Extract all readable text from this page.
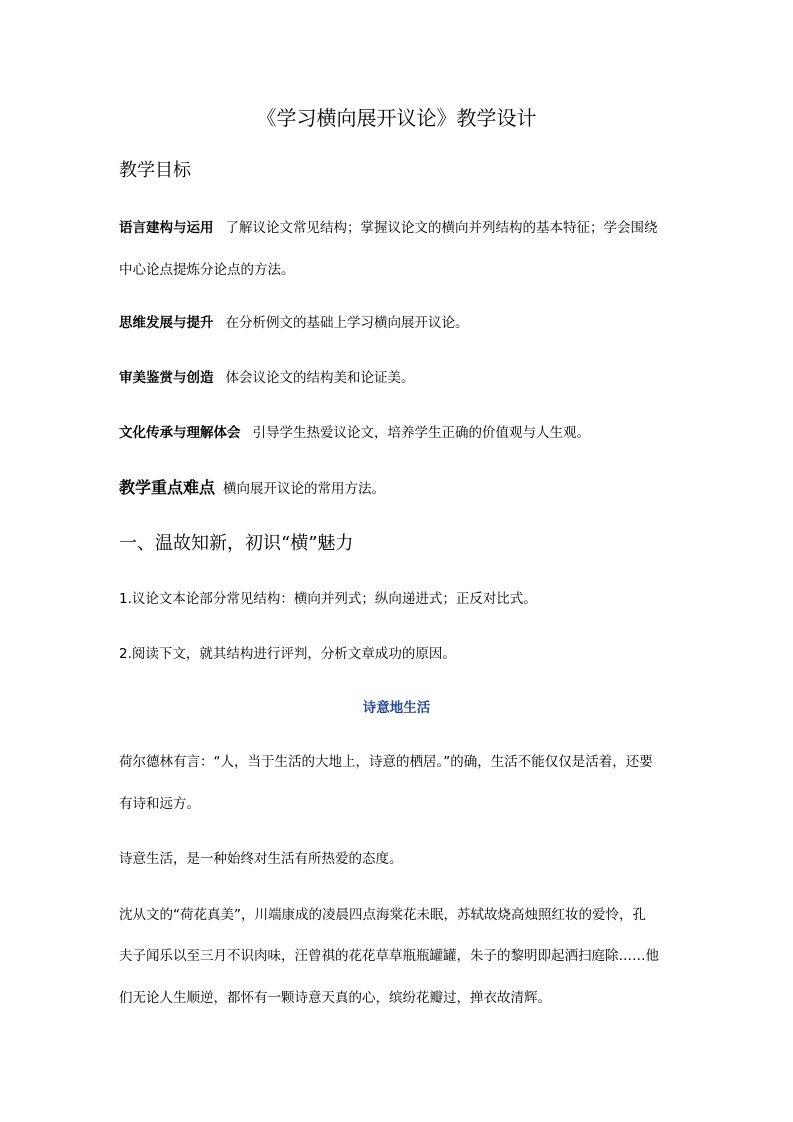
《学习横向展开议论》教学设计
教学目标
语言建构与运用 了解议论文常见结构；掌握议论文的横向并列结构的基本特征；学会围绕
中心论点提炼分论点的方法。
思维发展与提升 在分析例文的基础上学习横向展开议论。
审美鉴赏与创造 体会议论文的结构美和论证美。
文化传承与理解体会 引导学生热爱议论文，培养学生正确的价值观与人生观。
教学重点难点 横向展开议论的常用方法。
一、温故知新，初识“横”魅力
1.议论文本论部分常见结构：横向并列式；纵向递进式；正反对比式。
2.阅读下文，就其结构进行评判，分析文章成功的原因。
诗意地生活
荷尔德林有言：“人，当于生活的大地上，诗意的栖居。”的确，生活不能仅仅是活着，还要
有诗和远方。
诗意生活，是一种始终对生活有所热爱的态度。
沈从文的“荷花真美”，川端康成的凌晨四点海棠花未眠，苏轼故烧高烛照红妆的爱怜，孔
夫子闻乐以至三月不识肉味，汪曾祺的花花草草瓶瓶罐罐，朱子的黎明即起洒扫庭除……他
们无论人生顺逆，都怀有一颗诗意天真的心，缤纷花瓣过，掸衣故清辉。
